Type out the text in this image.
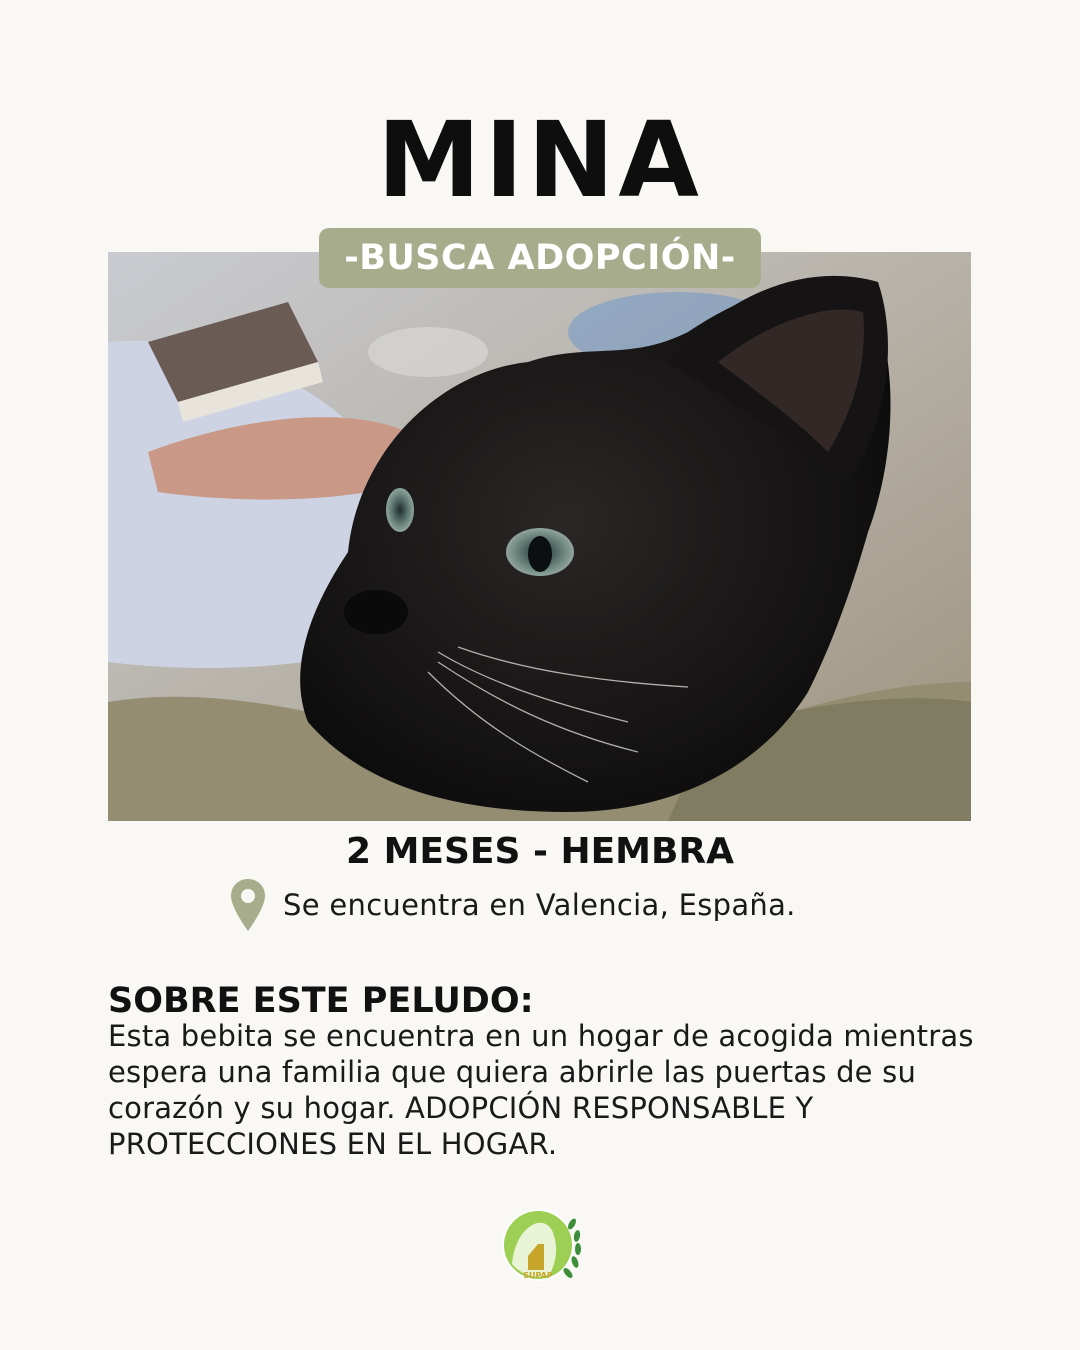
MINA
-BUSCA ADOPCIÓN-
2 MESES - HEMBRA
Se encuentra en Valencia, España.
SOBRE ESTE PELUDO:
Esta bebita se encuentra en un hogar de acogida mientras espera una familia que quiera abrirle las puertas de su corazón y su hogar. ADOPCIÓN RESPONSABLE Y PROTECCIONES EN EL HOGAR.
SUPAP
